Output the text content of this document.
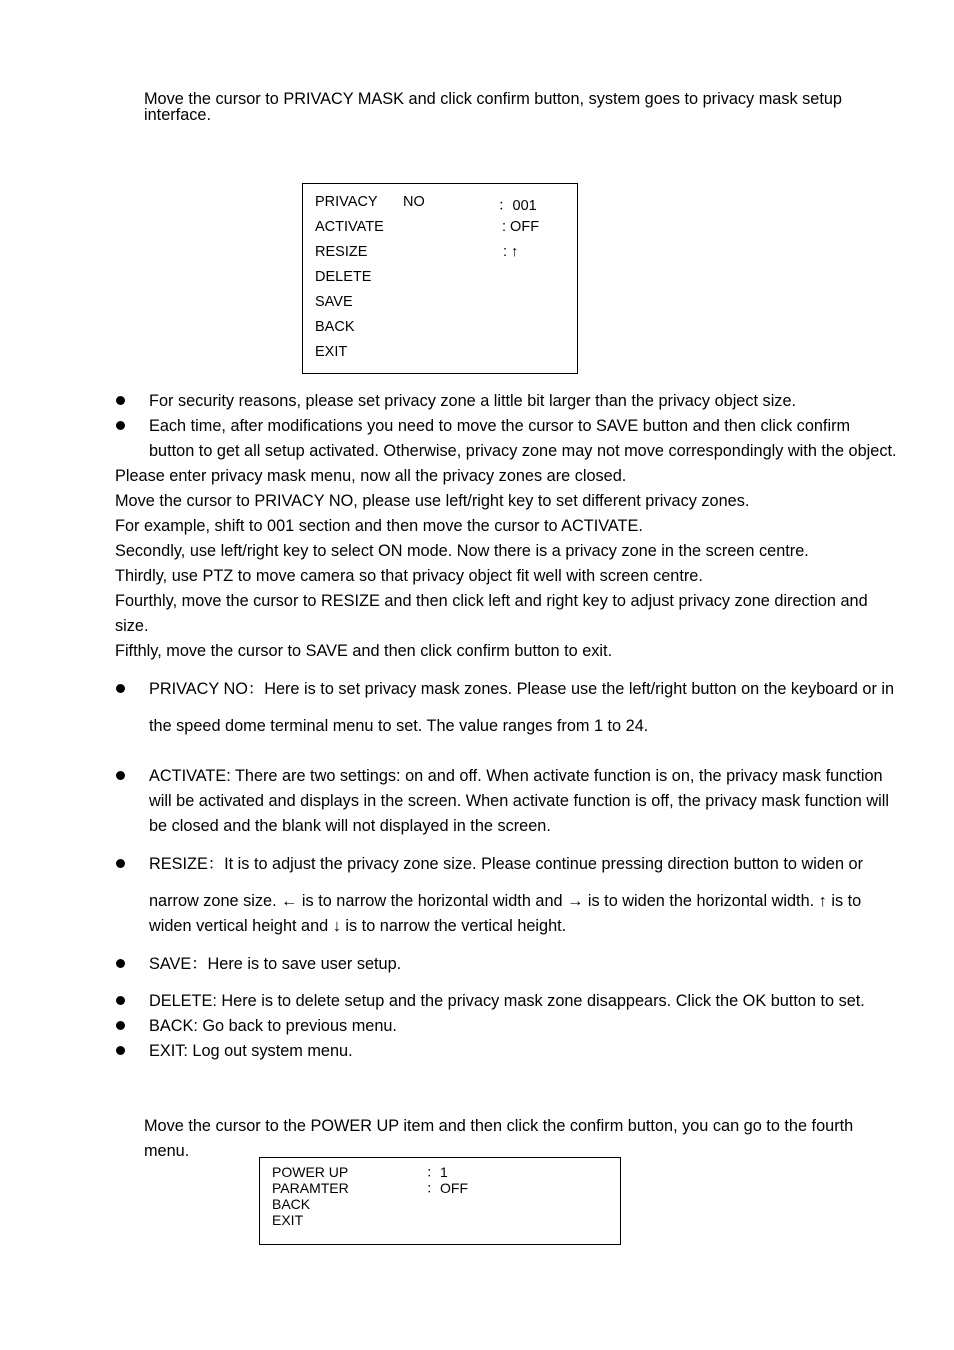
Move the cursor to PRIVACY MASK and click confirm button, system goes to privacy mask setup
interface.
PRIVACY NO	：001
ACTIVATE	: OFF
RESIZE	: ↑
DELETE
SAVE
BACK
EXIT
For security reasons, please set privacy zone a little bit larger than the privacy object size.
Each time, after modifications you need to move the cursor to SAVE button and then click confirm
button to get all setup activated. Otherwise, privacy zone may not move correspondingly with the object.
Please enter privacy mask menu, now all the privacy zones are closed.
Move the cursor to PRIVACY NO, please use left/right key to set different privacy zones.
For example, shift to 001 section and then move the cursor to ACTIVATE.
Secondly, use left/right key to select ON mode. Now there is a privacy zone in the screen centre.
Thirdly, use PTZ to move camera so that privacy object fit well with screen centre.
Fourthly, move the cursor to RESIZE and then click left and right key to adjust privacy zone direction and
size.
Fifthly, move the cursor to SAVE and then click confirm button to exit.
PRIVACY NO：Here is to set privacy mask zones. Please use the left/right button on the keyboard or in
the speed dome terminal menu to set. The value ranges from 1 to 24.
ACTIVATE: There are two settings: on and off. When activate function is on, the privacy mask function
will be activated and displays in the screen. When activate function is off, the privacy mask function will
be closed and the blank will not displayed in the screen.
RESIZE：It is to adjust the privacy zone size. Please continue pressing direction button to widen or
narrow zone size. ← is to narrow the horizontal width and → is to widen the horizontal width. ↑ is to
widen vertical height and ↓ is to narrow the vertical height.
SAVE：Here is to save user setup.
DELETE: Here is to delete setup and the privacy mask zone disappears. Click the OK button to set.
BACK: Go back to previous menu.
EXIT: Log out system menu.
Move the cursor to the POWER UP item and then click the confirm button, you can go to the fourth
menu.
POWER UP	：1
PARAMTER	：OFF
BACK
EXIT
